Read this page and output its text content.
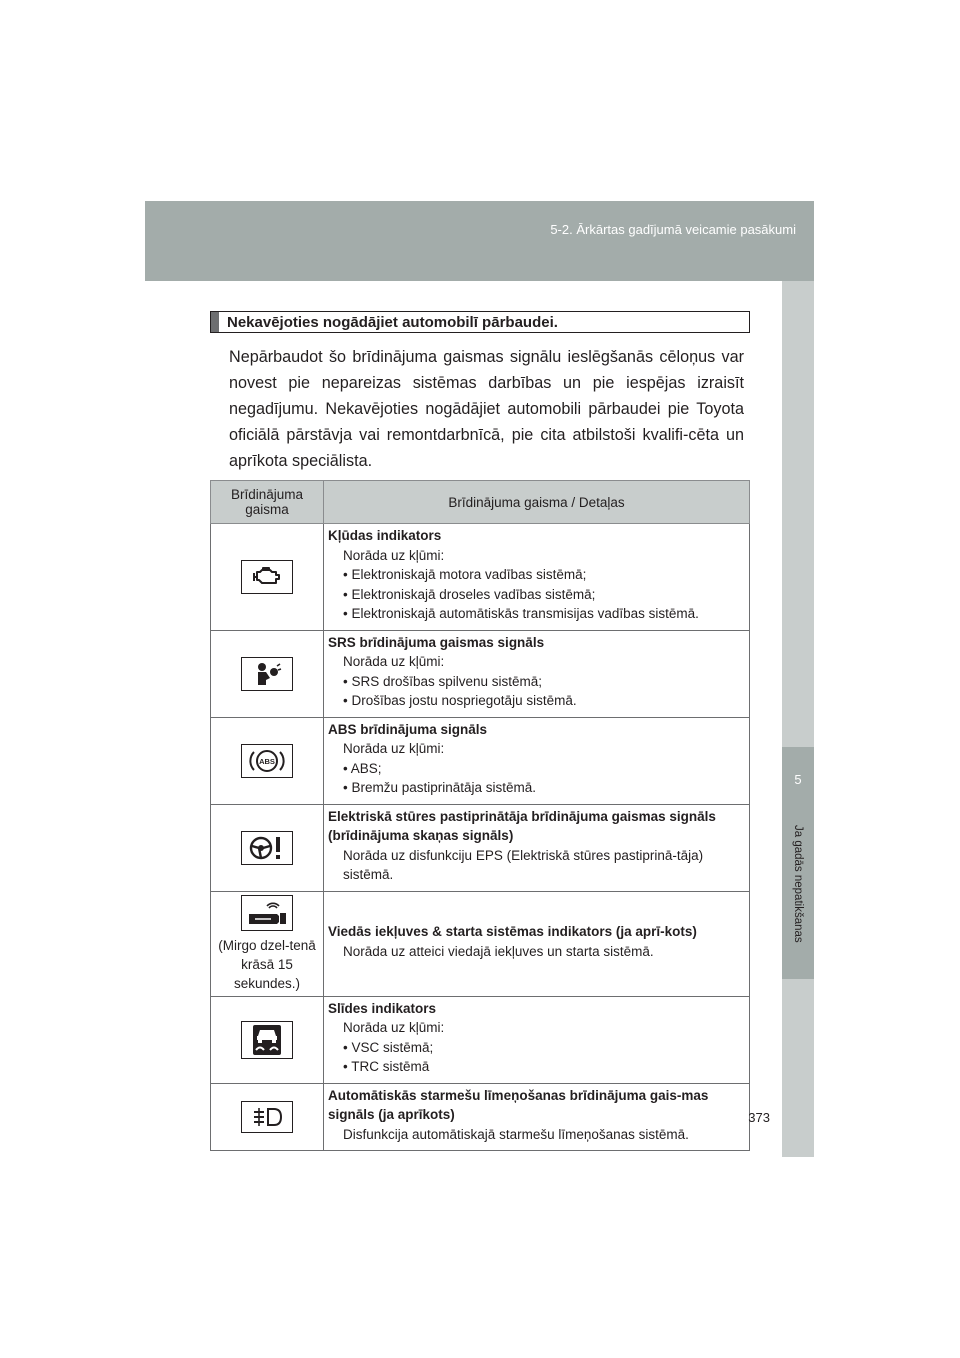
5-2. Ārkārtas gadījumā veicamie pasākumi
5
Ja gadās nepatikšanas
Nekavējoties nogādājiet automobilī pārbaudei.
Nepārbaudot šo brīdinājuma gaismas signālu ieslēgšanās cēloņus var novest pie nepareizas sistēmas darbības un pie iespējas izraisīt negadījumu. Nekavējoties nogādājiet automobili pārbaudei pie Toyota oficiālā pārstāvja vai remontdarbnīcā, pie cita atbilstoši kvalifi-cēta un aprīkota speciālista.
Brīdinājuma gaisma	Brīdinājuma gaisma / Detaļas

Kļūdas indikators
Norāda uz kļūmi:
• Elektroniskajā motora vadības sistēmā;
• Elektroniskajā droseles vadības sistēmā;
• Elektroniskajā automātiskās transmisijas vadības sistēmā.

SRS brīdinājuma gaismas signāls
Norāda uz kļūmi:
• SRS drošības spilvenu sistēmā;
• Drošības jostu nospriegotāju sistēmā.

ABS	ABS brīdinājuma signāls
Norāda uz kļūmi:
• ABS;
• Bremžu pastiprinātāja sistēmā.

Elektriskā stūres pastiprinātāja brīdinājuma gaismas signāls (brīdinājuma skaņas signāls)
Norāda uz disfunkciju EPS (Elektriskā stūres pastiprinā-tāja) sistēmā.

(Mirgo dzel-tenā krāsā 15 sekundes.)	Viedās iekļuves & starta sistēmas indikators (ja aprī-kots)
Norāda uz atteici viedajā iekļuves un starta sistēmā.

Slīdes indikators
Norāda uz kļūmi:
• VSC sistēmā;
• TRC sistēmā

Automātiskās starmešu līmeņošanas brīdinājuma gais-mas signāls (ja aprīkots)
Disfunkcija automātiskajā starmešu līmeņošanas sistēmā.
373
